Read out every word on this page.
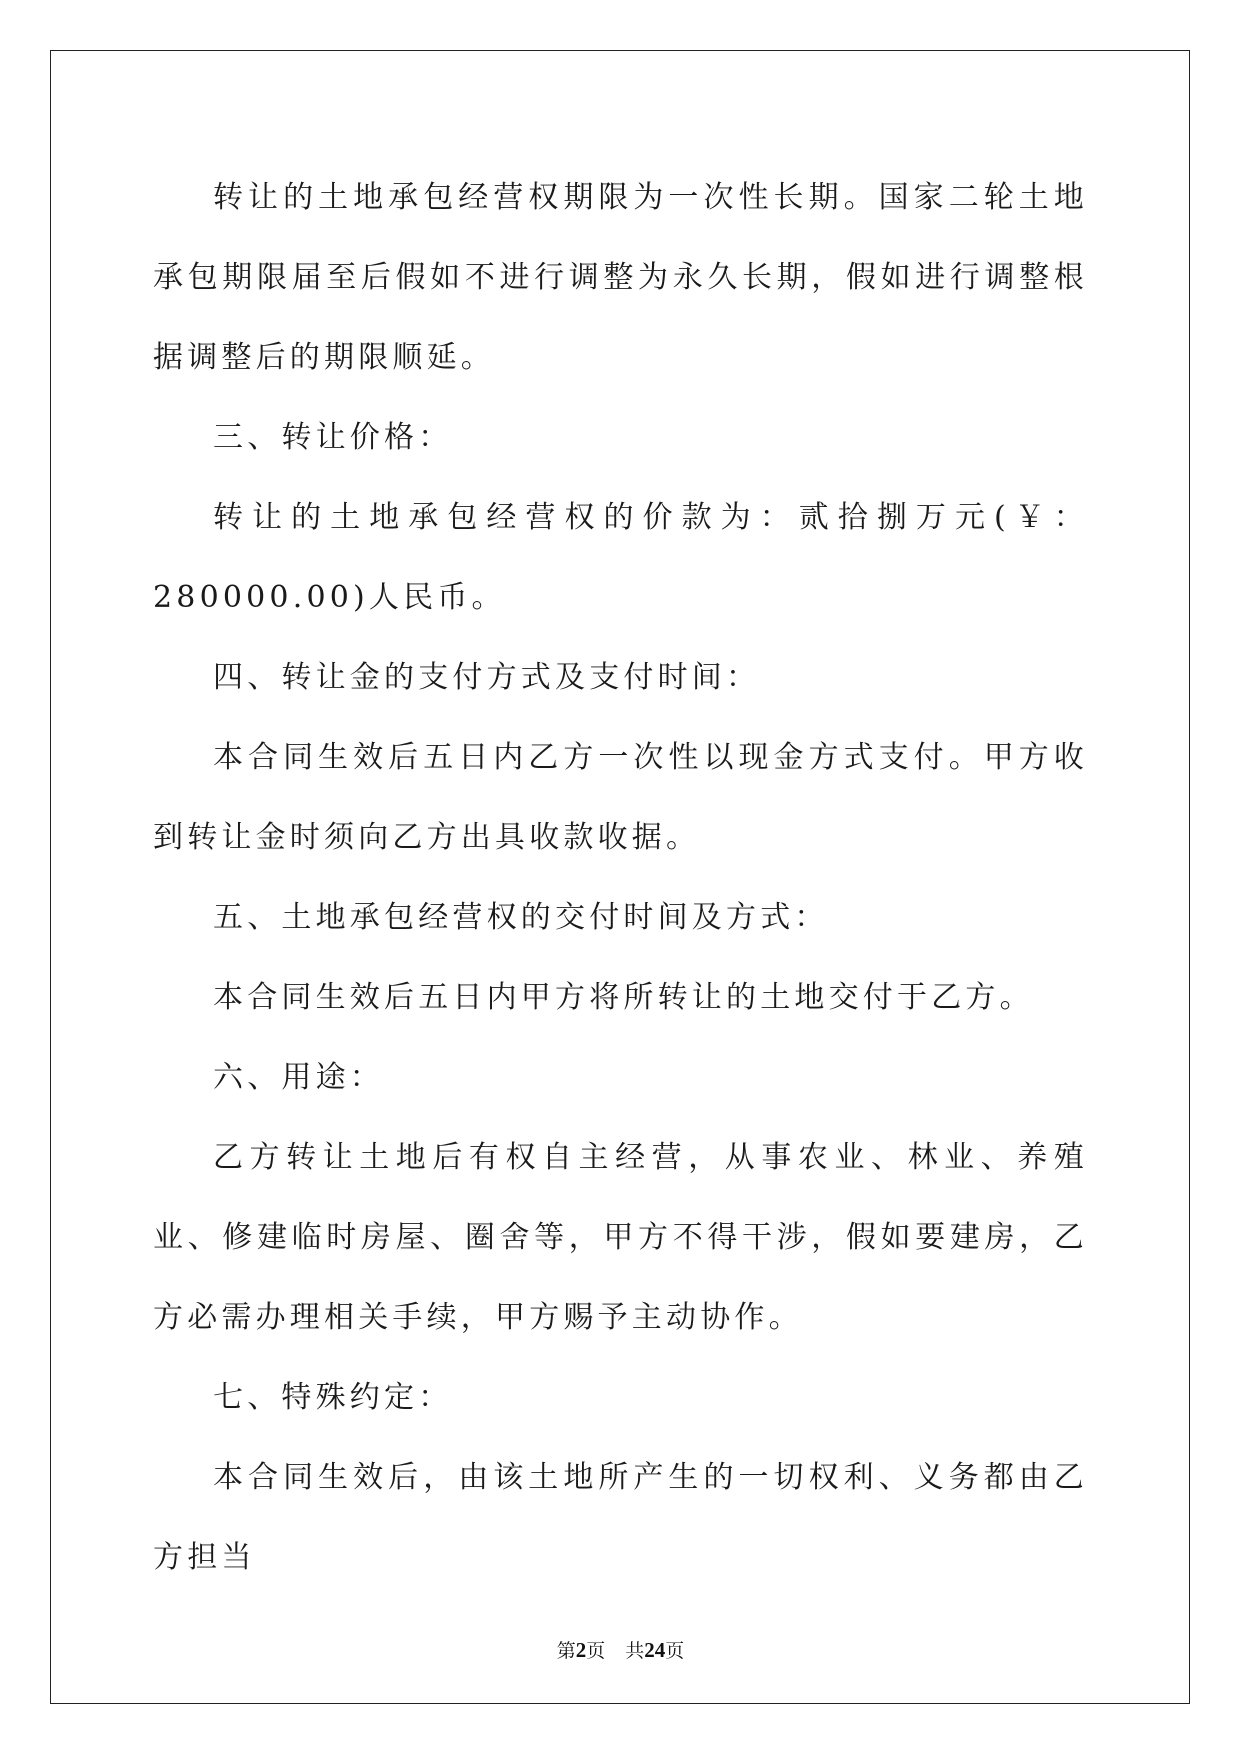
转让的土地承包经营权期限为一次性长期。国家二轮土地承包期限届至后假如不进行调整为永久长期，假如进行调整根据调整后的期限顺延。

三、转让价格：

转让的土地承包经营权的价款为：贰拾捌万元(￥：280000.00)人民币。

四、转让金的支付方式及支付时间：

本合同生效后五日内乙方一次性以现金方式支付。甲方收到转让金时须向乙方出具收款收据。

五、土地承包经营权的交付时间及方式：

本合同生效后五日内甲方将所转让的土地交付于乙方。

六、用途：

乙方转让土地后有权自主经营，从事农业、林业、养殖业、修建临时房屋、圈舍等，甲方不得干涉，假如要建房，乙方必需办理相关手续，甲方赐予主动协作。

七、特殊约定：

本合同生效后，由该土地所产生的一切权利、义务都由乙方担当

第2页 共24页
